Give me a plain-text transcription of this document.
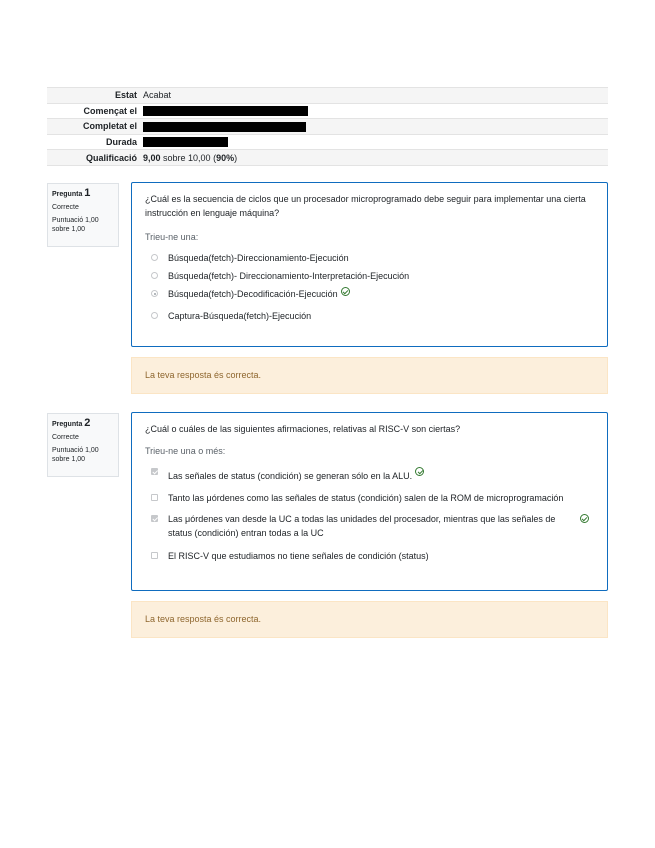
Estat	Acabat
Començat el	
Completat el	
Durada	
Qualificació	9,00 sobre 10,00 (90%)
Pregunta 1
Correcte
Puntuació 1,00 sobre 1,00
¿Cuál es la secuencia de ciclos que un procesador microprogramado debe seguir para implementar una cierta instrucción en lenguaje máquina?
Trieu-ne una:
Búsqueda(fetch)-Direccionamiento-Ejecución
Búsqueda(fetch)- Direccionamiento-Interpretación-Ejecución
Búsqueda(fetch)-Decodificación-Ejecución
Captura-Búsqueda(fetch)-Ejecución
La teva resposta és correcta.
Pregunta 2
Correcte
Puntuació 1,00 sobre 1,00
¿Cuál o cuáles de las siguientes afirmaciones, relativas al RISC-V son ciertas?
Trieu-ne una o més:
Las señales de status (condición) se generan sólo en la ALU.
Tanto las μórdenes como las señales de status (condición) salen de la ROM de microprogramación
Las μórdenes van desde la UC a todas las unidades del procesador, mientras que las señales de status (condición) entran todas a la UC
El RISC-V que estudiamos no tiene señales de condición (status)
La teva resposta és correcta.
